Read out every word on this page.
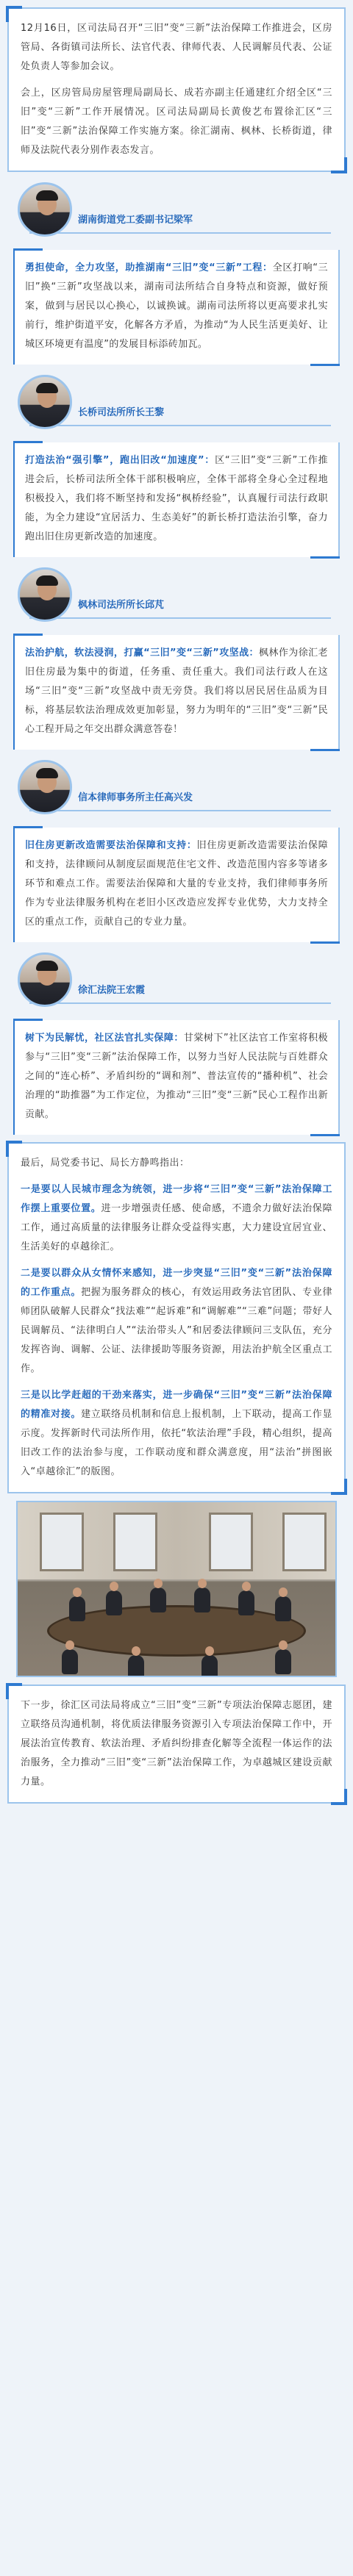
12月16日，区司法局召开“三旧”变“三新”法治保障工作推进会，区房管局、各街镇司法所长、法官代表、律师代表、人民调解员代表、公证处负责人等参加会议。

会上，区房管局房屋管理局副局长、成若亦副主任通建红介绍全区“三旧”变“三新”工作开展情况。区司法局副局长黄俊艺布置徐汇区“三旧”变“三新”法治保障工作实施方案。徐汇湖南、枫林、长桥街道，律师及法院代表分别作表态发言。

湖南街道党工委副书记梁军

勇担使命，全力攻坚，助推湖南“三旧”变“三新”工程：全区打响“三旧”换“三新”攻坚战以来，湖南司法所结合自身特点和资源，做好预案，做到与居民以心换心，以诚换诚。湖南司法所将以更高要求扎实前行，维护街道平安，化解各方矛盾，为推动“为人民生活更美好、让城区环境更有温度”的发展目标添砖加瓦。

长桥司法所所长王黎

打造法治“强引擎”，跑出旧改“加速度”：区“三旧”变“三新”工作推进会后，长桥司法所全体干部积极响应，全体干部将全身心全过程地积极投入，我们将不断坚持和发扬“枫桥经验”，认真履行司法行政职能，为全力建设“宜居活力、生态美好”的新长桥打造法治引擎，奋力跑出旧住房更新改造的加速度。

枫林司法所所长邱芃

法治护航，软法浸润，打赢“三旧”变“三新”攻坚战：枫林作为徐汇老旧住房最为集中的街道，任务重、责任重大。我们司法行政人在这场“三旧”变“三新”攻坚战中责无旁贷。我们将以居民居住品质为目标，将基层软法治理成效更加彰显，努力为明年的“三旧”变“三新”民心工程开局之年交出群众满意答卷！

信本律师事务所主任高兴发

旧住房更新改造需要法治保障和支持：旧住房更新改造需要法治保障和支持，法律顾问从制度层面规范住宅文件、改造范围内容多等诸多环节和难点工作。需要法治保障和大量的专业支持，我们律师事务所作为专业法律服务机构在老旧小区改造应发挥专业优势，大力支持全区的重点工作，贡献自己的专业力量。

徐汇法院王宏霞

树下为民解忧，社区法官扎实保障：甘棠树下”社区法官工作室将积极参与“三旧”变“三新”法治保障工作，以努力当好人民法院与百姓群众之间的“连心桥”、矛盾纠纷的“调和剂”、普法宣传的“播种机”、社会治理的“助推器”为工作定位，为推动“三旧”变“三新”民心工程作出新贡献。

最后，局党委书记、局长方静鸣指出：

一是要以人民城市理念为统领，进一步将“三旧”变“三新”法治保障工作摆上重要位置。进一步增强责任感、使命感，不遗余力做好法治保障工作，通过高质量的法律服务让群众受益得实惠，大力建设宜居宜业、生活美好的卓越徐汇。

二是要以群众从女情怀来感知，进一步突显“三旧”变“三新”法治保障的工作重点。把握为服务群众的核心，有效运用政务法官团队、专业律师团队破解人民群众“找法难”“起诉难”和“调解难”“三难”问题；带好人民调解员、“法律明白人”“法治带头人”和居委法律顾问三支队伍，充分发挥咨询、调解、公证、法律援助等服务资源，用法治护航全区重点工作。

三是以比学赶超的干劲来落实，进一步确保“三旧”变“三新”法治保障的精准对接。建立联络员机制和信息上报机制，上下联动，提高工作显示度。发挥新时代司法所作用，依托“软法治理”手段，精心组织，提高旧改工作的法治参与度，工作联动度和群众满意度，用“法治”拼图嵌入“卓越徐汇”的版图。

下一步，徐汇区司法局将成立“三旧”变“三新”专项法治保障志愿团，建立联络员沟通机制，将优质法律服务资源引入专项法治保障工作中，开展法治宣传教育、软法治理、矛盾纠纷排查化解等全流程一体运作的法治服务，全力推动“三旧”变“三新”法治保障工作，为卓越城区建设贡献力量。
